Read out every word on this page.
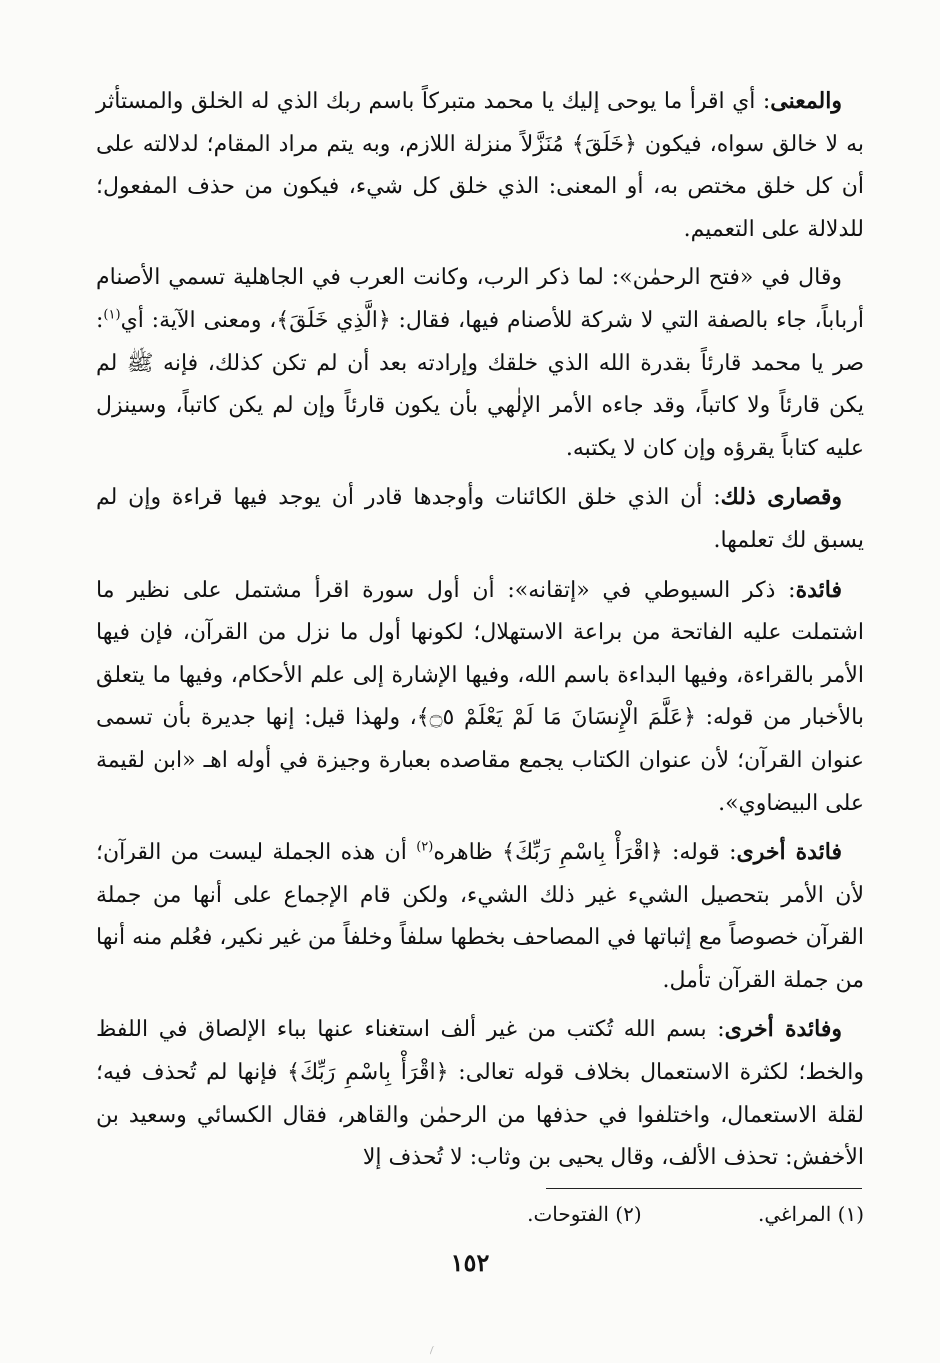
والمعنى: أي اقرأ ما يوحى إليك يا محمد متبركاً باسم ربك الذي له الخلق والمستأثر به لا خالق سواه، فيكون ﴿خَلَقَ﴾ مُنَزَّلاً منزلة اللازم، وبه يتم مراد المقام؛ لدلالته على أن كل خلق مختص به، أو المعنى: الذي خلق كل شيء، فيكون من حذف المفعول؛ للدلالة على التعميم.

وقال في «فتح الرحمٰن»: لما ذكر الرب، وكانت العرب في الجاهلية تسمي الأصنام أرباباً، جاء بالصفة التي لا شركة للأصنام فيها، فقال: ﴿الَّذِي خَلَقَ﴾، ومعنى الآية: أي$^{(١)}$: صر يا محمد قارئاً بقدرة الله الذي خلقك وإرادته بعد أن لم تكن كذلك، فإنه ﷺ لم يكن قارئاً ولا كاتباً، وقد جاءه الأمر الإلٰهي بأن يكون قارئاً وإن لم يكن كاتباً، وسينزل عليه كتاباً يقرؤه وإن كان لا يكتبه.

وقصارى ذلك: أن الذي خلق الكائنات وأوجدها قادر أن يوجد فيها قراءة وإن لم يسبق لك تعلمها.

فائدة: ذكر السيوطي في «إتقانه»: أن أول سورة اقرأ مشتمل على نظير ما اشتملت عليه الفاتحة من براعة الاستهلال؛ لكونها أول ما نزل من القرآن، فإن فيها الأمر بالقراءة، وفيها البداءة باسم الله، وفيها الإشارة إلى علم الأحكام، وفيها ما يتعلق بالأخبار من قوله: ﴿عَلَّمَ الْإِنسَانَ مَا لَمْ يَعْلَمْ ۝٥﴾، ولهذا قيل: إنها جديرة بأن تسمى عنوان القرآن؛ لأن عنوان الكتاب يجمع مقاصده بعبارة وجيزة في أوله اهـ «ابن لقيمة على البيضاوي».

فائدة أخرى: قوله: ﴿اقْرَأْ بِاسْمِ رَبِّكَ﴾ ظاهره$^{(٢)}$ أن هذه الجملة ليست من القرآن؛ لأن الأمر بتحصيل الشيء غير ذلك الشيء، ولكن قام الإجماع على أنها من جملة القرآن خصوصاً مع إثباتها في المصاحف بخطها سلفاً وخلفاً من غير نكير، فعُلم منه أنها من جملة القرآن تأمل.

وفائدة أخرى: بسم الله تُكتب من غير ألف استغناء عنها بباء الإلصاق في اللفظ والخط؛ لكثرة الاستعمال بخلاف قوله تعالى: ﴿اقْرَأْ بِاسْمِ رَبِّكَ﴾ فإنها لم تُحذف فيه؛ لقلة الاستعمال، واختلفوا في حذفها من الرحمٰن والقاهر، فقال الكسائي وسعيد بن الأخفش: تحذف الألف، وقال يحيى بن وثاب: لا تُحذف إلا

(١) المراغي. (٢) الفتوحات.
١٥٢
